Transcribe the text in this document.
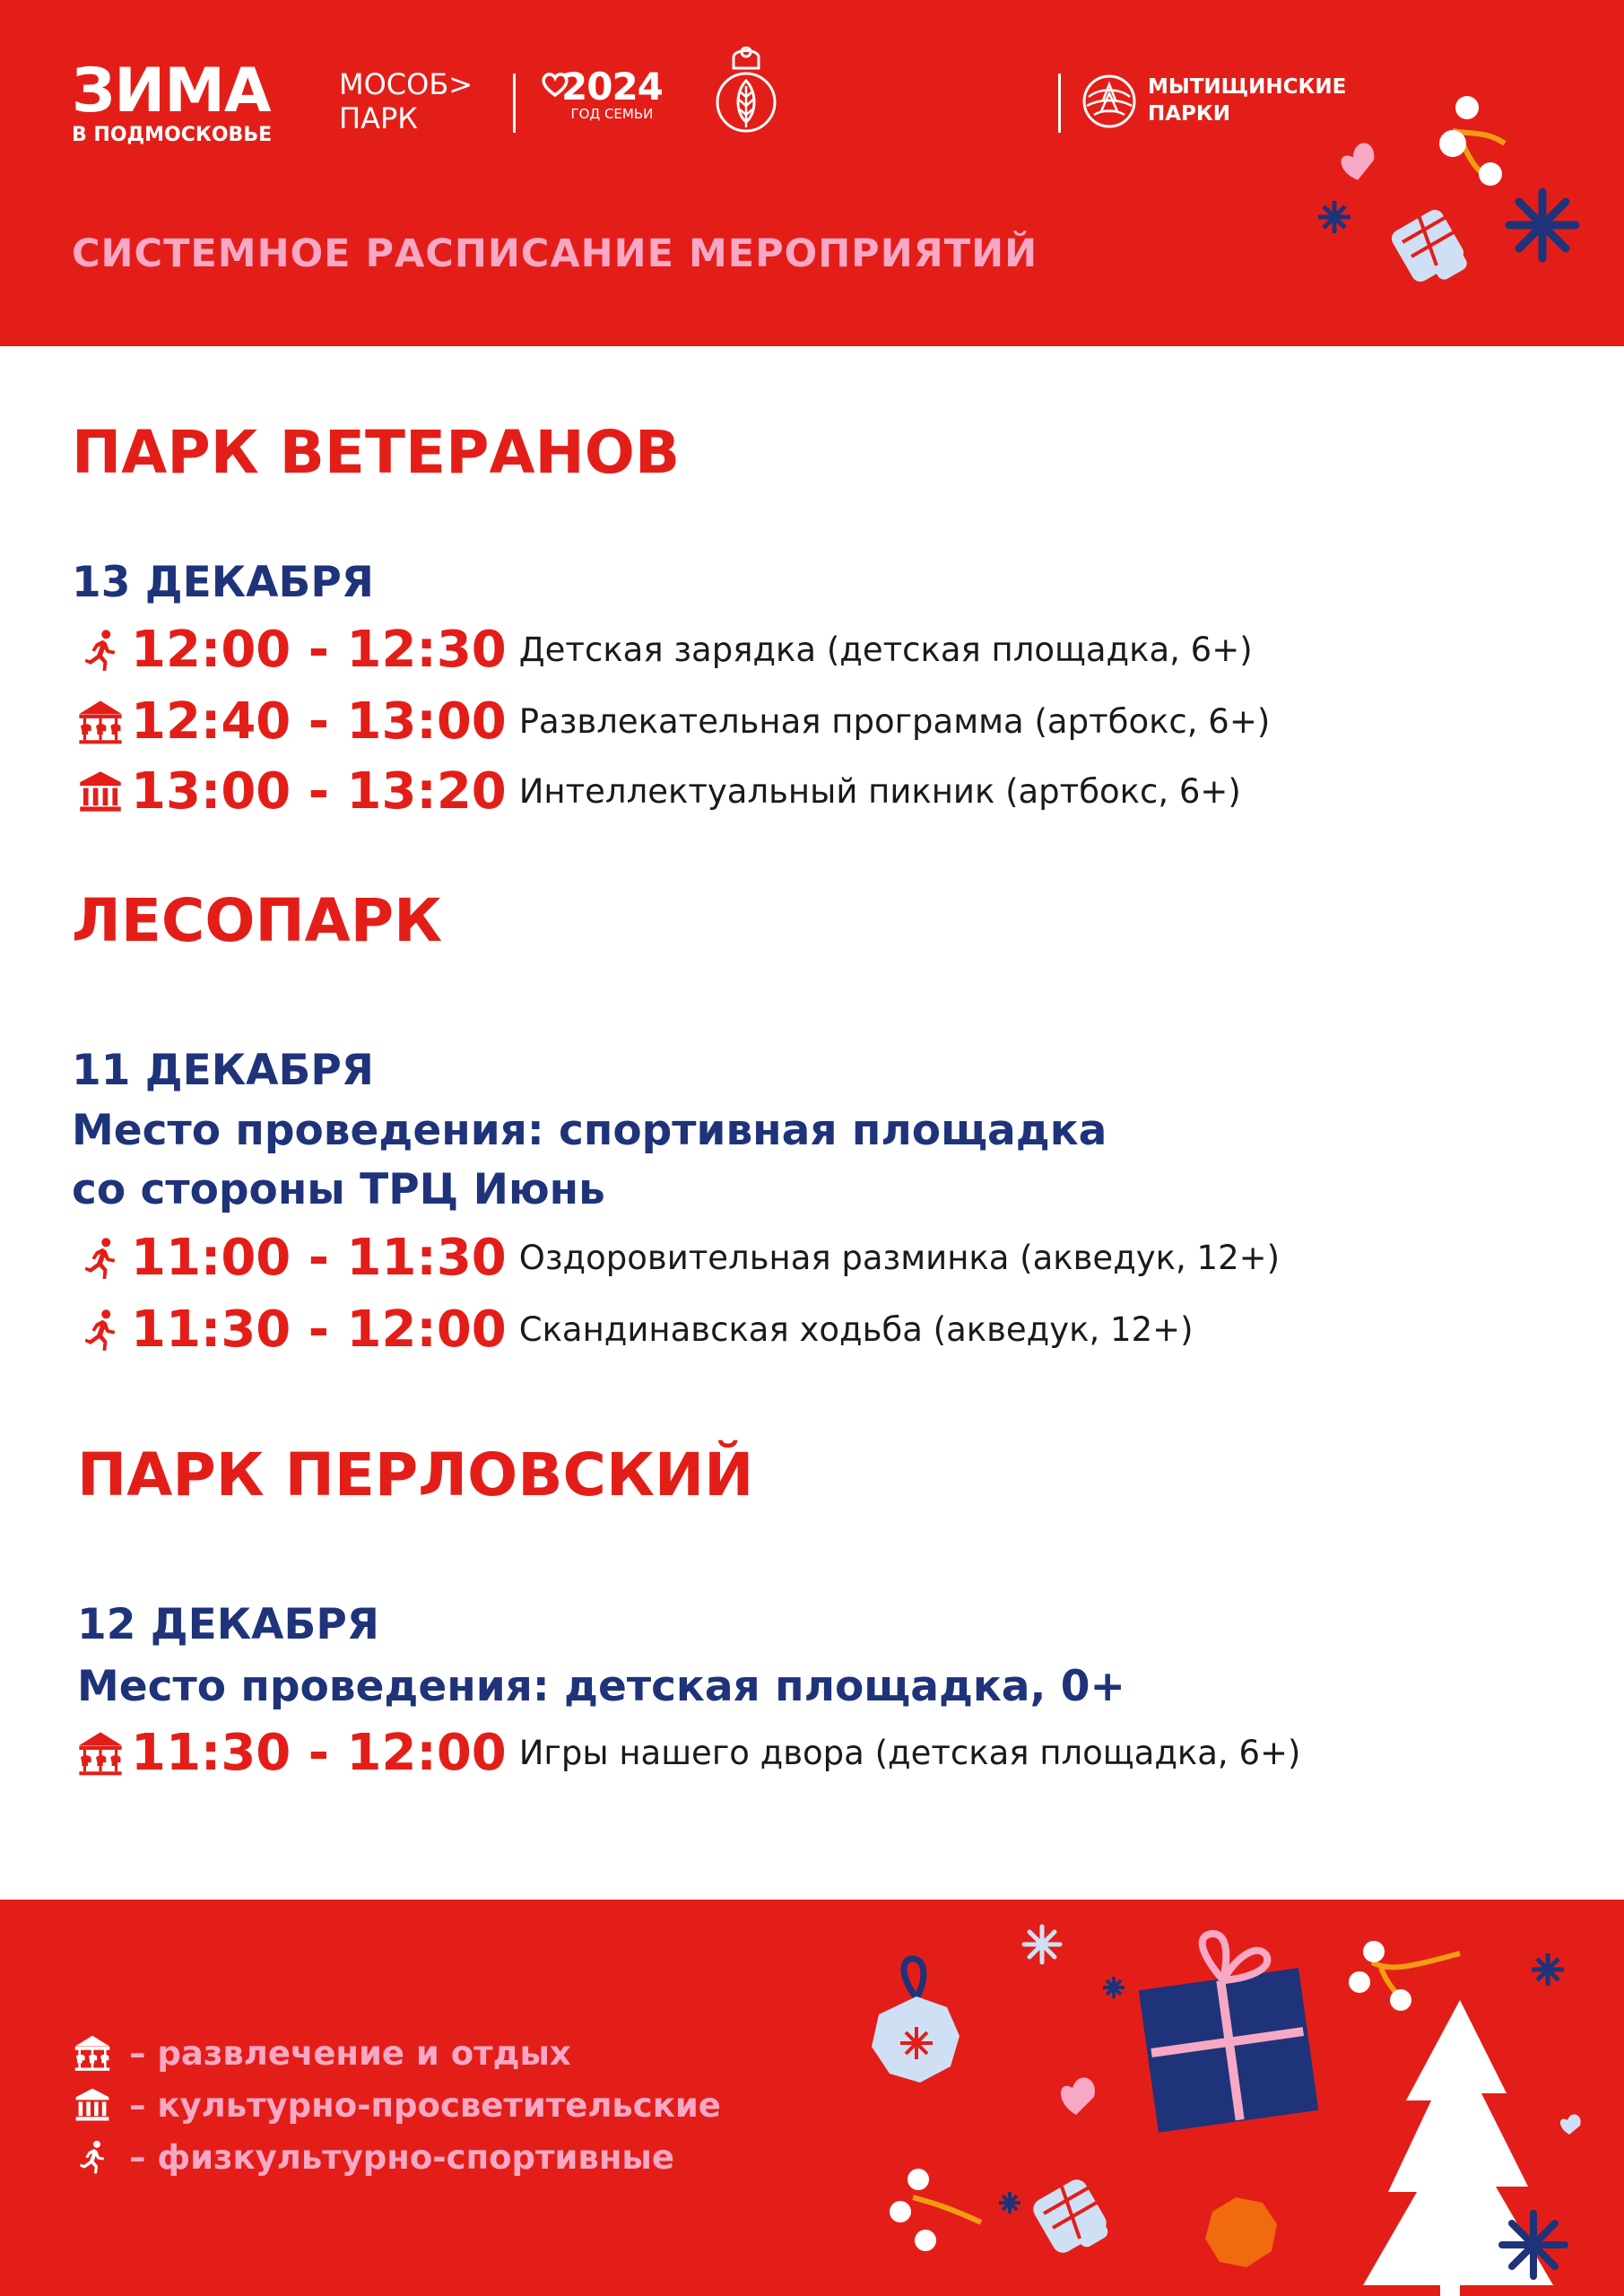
ЗИМА
В ПОДМОСКОВЬЕ
МОСОБ>
ПАРК
2024
ГОД СЕМЬИ
МЫТИЩИНСКИЕ
ПАРКИ
СИСТЕМНОЕ РАСПИСАНИЕ МЕРОПРИЯТИЙ
ПАРК ВЕТЕРАНОВ
13 ДЕКАБРЯ
12:00 - 12:30 Детская зарядка (детская площадка, 6+)
12:40 - 13:00 Развлекательная программа (артбокс, 6+)
13:00 - 13:20 Интеллектуальный пикник (артбокс, 6+)
ЛЕСОПАРК
11 ДЕКАБРЯ
Место проведения: спортивная площадка
со стороны ТРЦ Июнь
11:00 - 11:30 Оздоровительная разминка (акведук, 12+)
11:30 - 12:00 Скандинавская ходьба (акведук, 12+)
ПАРК ПЕРЛОВСКИЙ
12 ДЕКАБРЯ
Место проведения: детская площадка, 0+
11:30 - 12:00 Игры нашего двора (детская площадка, 6+)
– развлечение и отдых
– культурно-просветительские
– физкультурно-спортивные
